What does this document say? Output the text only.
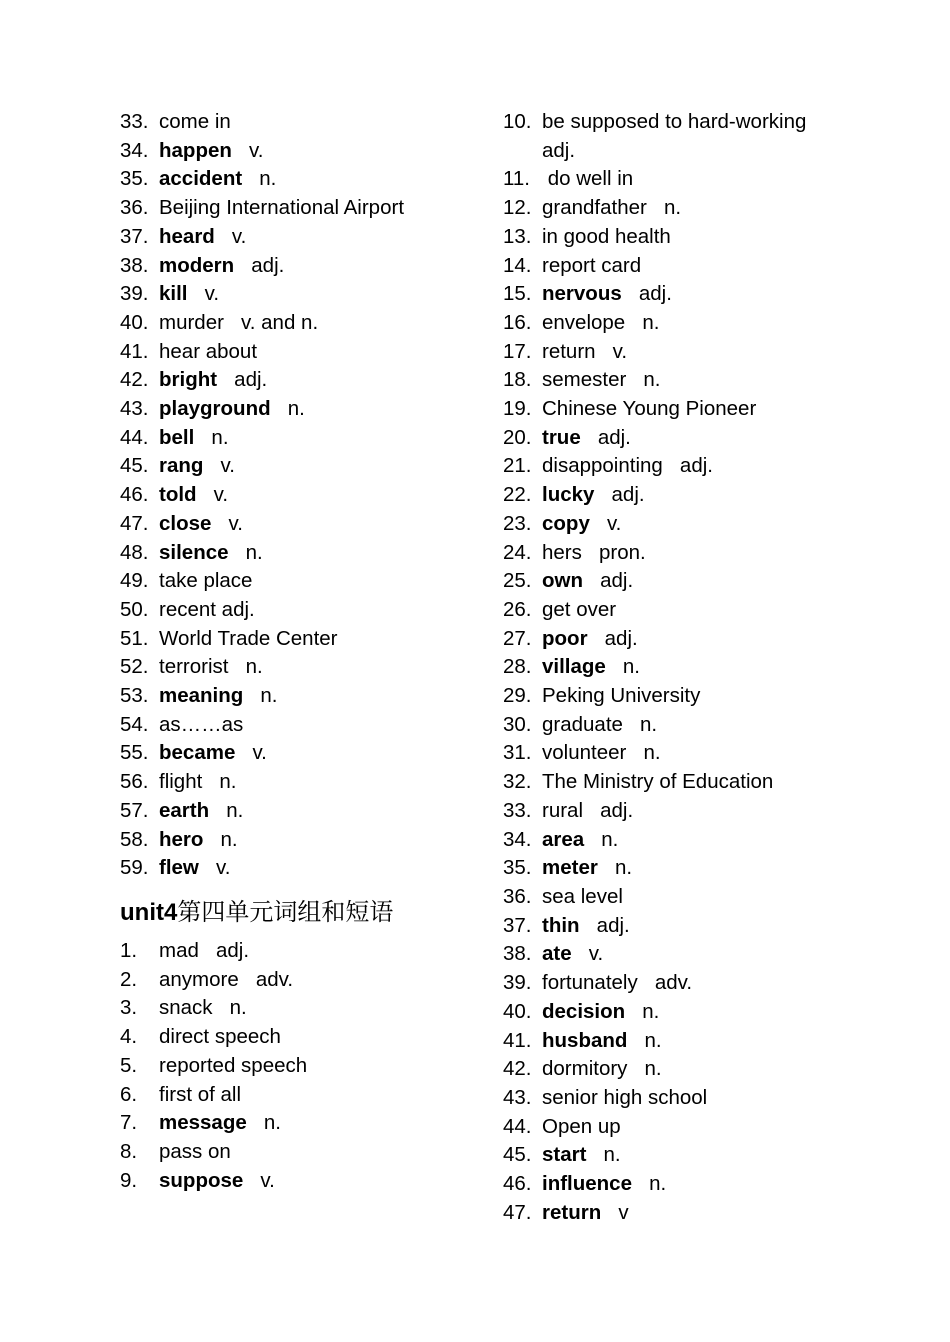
33. come in
34. happen v.
35. accident n.
36. Beijing International Airport
37. heard v.
38. modern adj.
39. kill v.
40. murder v. and n.
41. hear about
42. bright adj.
43. playground n.
44. bell n.
45. rang v.
46. told v.
47. close v.
48. silence n.
49. take place
50. recent adj.
51. World Trade Center
52. terrorist n.
53. meaning n.
54. as……as
55. became v.
56. flight n.
57. earth n.
58. hero n.
59. flew v.
unit4第四单元词组和短语
1.	mad adj.
2.	anymore adv.
3.	snack n.
4.	direct speech
5.	reported speech
6.	first of all
7.	message n.
8.	pass on
9.	suppose v.
10. be supposed to hard-working adj.
11. do well in
12. grandfather n.
13. in good health
14. report card
15. nervous adj.
16. envelope n.
17. return v.
18. semester n.
19. Chinese Young Pioneer
20. true adj.
21. disappointing adj.
22. lucky adj.
23. copy v.
24. hers pron.
25. own adj.
26. get over
27. poor adj.
28. village n.
29. Peking University
30. graduate n.
31. volunteer n.
32. The Ministry of Education
33. rural adj.
34. area n.
35. meter n.
36. sea level
37. thin adj.
38. ate v.
39. fortunately adv.
40. decision n.
41. husband n.
42. dormitory n.
43. senior high school
44. Open up
45. start n.
46. influence n.
47. return v
